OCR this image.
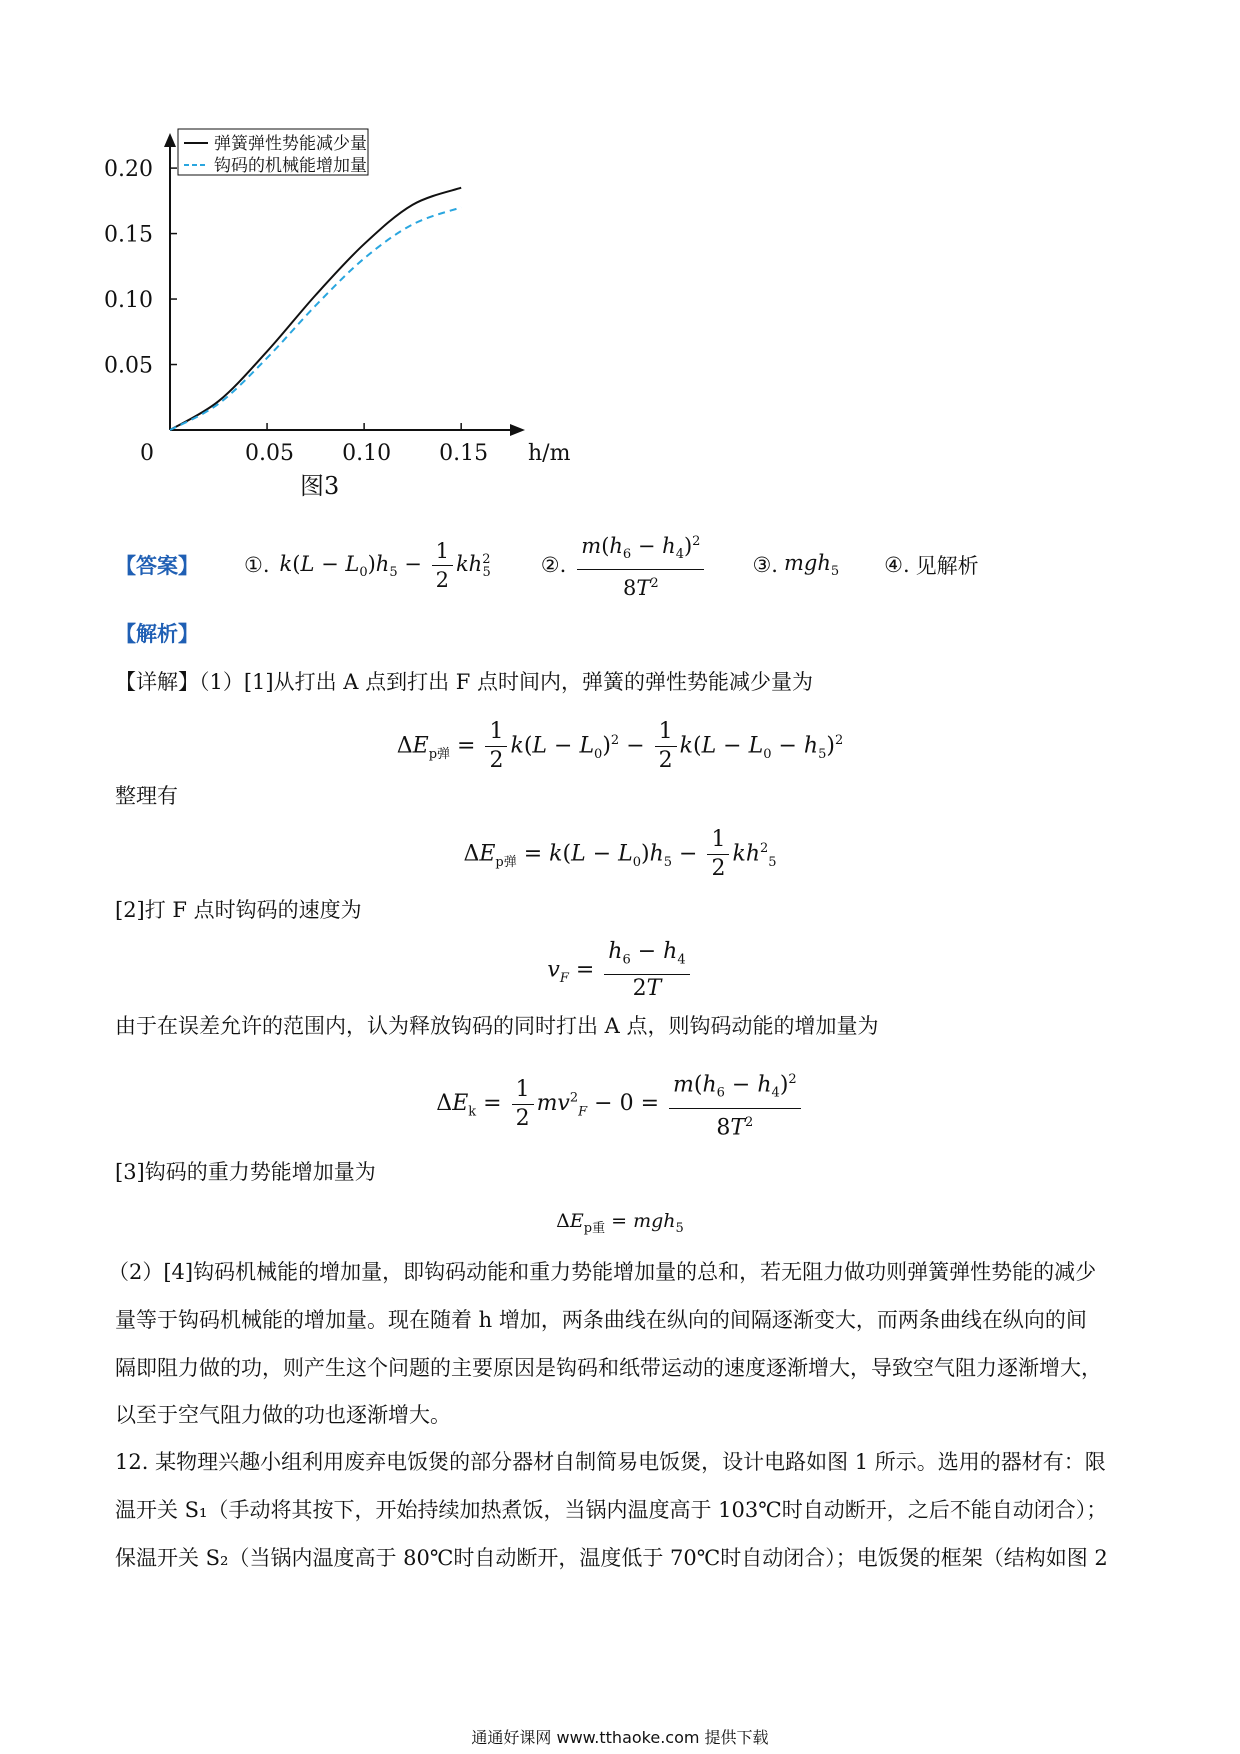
h/m
0	0.05 0.10 0.15
0.05
0.10
0.15
0.20
弹簧弹性势能减少量
钩码的机械能增加量
图3
【答案】 ①. $k(L - L_0)h_5 - \frac{1}{2} kh^2_5$ ②. $\frac{m(h_6 - h_4)^2}{8T^2}$ ③. mgh$_5$ ④. 见解析
【解析】
【详解】（1）[1]从打出 A 点到打出 F 点时间内，弹簧的弹性势能减少量为
$\Delta E_{p弹} = \frac{1}{2} k(L - L_0)^2 - \frac{1}{2} k(L - L_0 - h_5)^2$
整理有
$\Delta E_{p弹} = k(L - L_0)h_5 - \frac{1}{2} kh^2_5$
[2]打 F 点时钩码的速度为
$v_F = \frac{h_6 - h_4}{2T}$
由于在误差允许的范围内，认为释放钩码的同时打出 A 点，则钩码动能的增加量为
$\Delta E_k = \frac{1}{2} mv^2_F - 0 = \frac{m(h_6 - h_4)^2}{8T^2}$
[3]钩码的重力势能增加量为
$\Delta E_{p重} = mgh_5$
（2）[4]钩码机械能的增加量，即钩码动能和重力势能增加量的总和，若无阻力做功则弹簧弹性势能的减少
量等于钩码机械能的增加量。现在随着 h 增加，两条曲线在纵向的间隔逐渐变大，而两条曲线在纵向的间
隔即阻力做的功，则产生这个问题的主要原因是钩码和纸带运动的速度逐渐增大，导致空气阻力逐渐增大，
以至于空气阻力做的功也逐渐增大。
12. 某物理兴趣小组利用废弃电饭煲的部分器材自制简易电饭煲，设计电路如图 1 所示。选用的器材有：限
温开关 S₁（手动将其按下，开始持续加热煮饭，当锅内温度高于 103℃时自动断开，之后不能自动闭合）；
保温开关 S₂（当锅内温度高于 80℃时自动断开，温度低于 70℃时自动闭合）；电饭煲的框架（结构如图 2
通通好课网 www.tthaoke.com 提供下载
